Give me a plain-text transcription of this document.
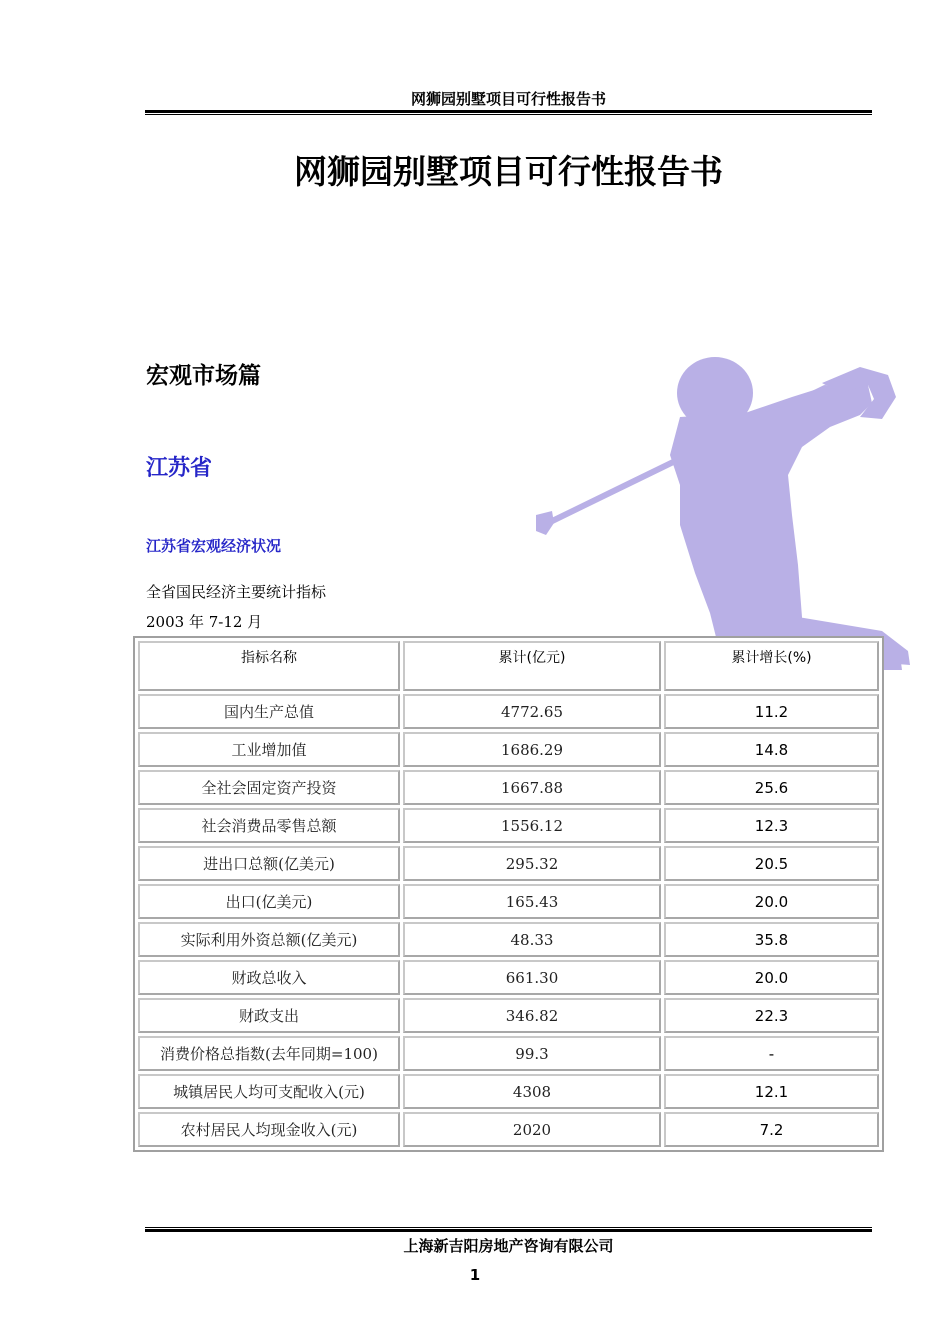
网狮园别墅项目可行性报告书
网狮园别墅项目可行性报告书
宏观市场篇
江苏省
江苏省宏观经济状况
全省国民经济主要统计指标
2003 年 7-12 月
指标名称	累计(亿元)	累计增长(%)
国内生产总值	4772.65	11.2
工业增加值	1686.29	14.8
全社会固定资产投资	1667.88	25.6
社会消费品零售总额	1556.12	12.3
进出口总额(亿美元)	295.32	20.5
出口(亿美元)	165.43	20.0
实际利用外资总额(亿美元)	48.33	35.8
财政总收入	661.30	20.0
财政支出	346.82	22.3
消费价格总指数(去年同期=100)	99.3	-
城镇居民人均可支配收入(元)	4308	12.1
农村居民人均现金收入(元)	2020	7.2
上海新吉阳房地产咨询有限公司
1
